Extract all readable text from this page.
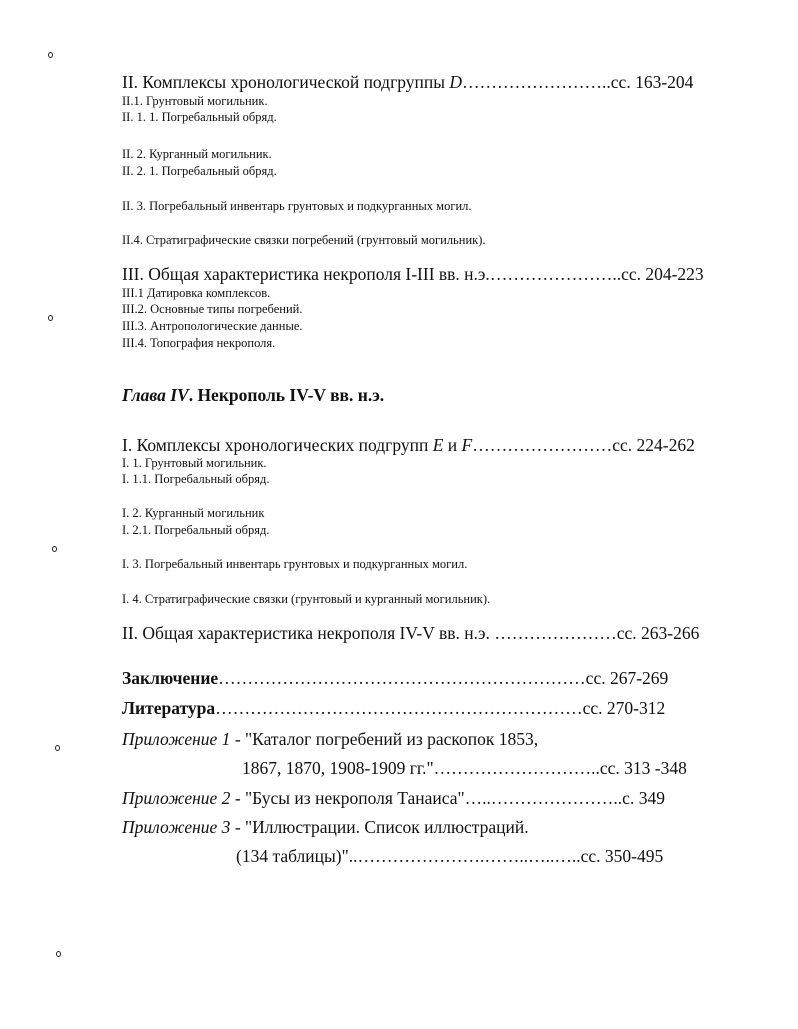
II. Комплексы хронологической подгруппы D……………………..сс. 163-204
II.1. Грунтовый могильник.
II. 1. 1. Погребальный обряд.
II. 2. Курганный могильник.
II. 2. 1. Погребальный обряд.
II. 3. Погребальный инвентарь грунтовых и подкурганных могил.
II.4. Стратиграфические связки погребений (грунтовый могильник).
III. Общая характеристика некрополя I-III вв. н.э.…………………..сс. 204-223
III.1 Датировка комплексов.
III.2. Основные типы погребений.
III.3. Антропологические данные.
III.4. Топография некрополя.
Глава IV. Некрополь IV-V вв. н.э.
I. Комплексы хронологических подгрупп E и F……………………сс. 224-262
I. 1. Грунтовый могильник.
I. 1.1. Погребальный обряд.
I. 2. Курганный могильник
I. 2.1. Погребальный обряд.
I. 3. Погребальный инвентарь грунтовых и подкурганных могил.
I. 4. Стратиграфические связки (грунтовый и курганный могильник).
II. Общая характеристика некрополя IV-V вв. н.э. …………………сс. 263-266
Заключение………………………………………………………сс. 267-269
Литература………………………………………………………сс. 270-312
Приложение 1 - "Каталог погребений из раскопок 1853,
1867, 1870, 1908-1909 гг."………………………..сс. 313 -348
Приложение 2 - "Бусы из некрополя Танаиса"…..…………………..с. 349
Приложение 3 - "Иллюстрации. Список иллюстраций.
(134 таблицы)"..………………….……..…..…..сс. 350-495
